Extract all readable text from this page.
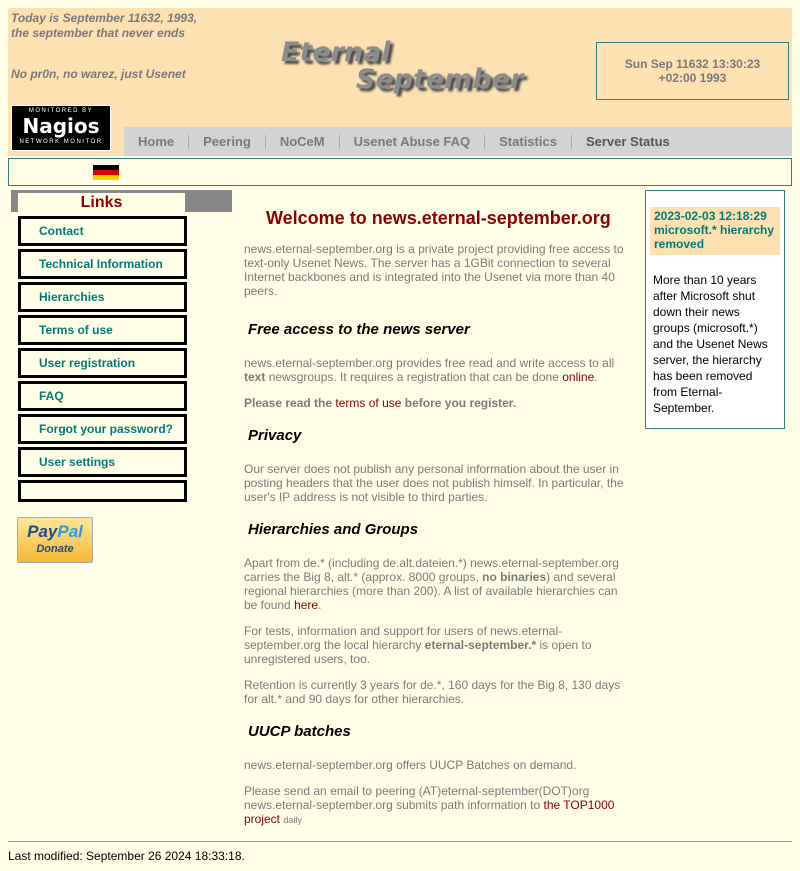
Today is September 11632, 1993, the september that never ends
No pr0n, no warez, just Usenet
Eternal
September	Sun Sep 11632 13:30:23 +02:00 1993
MONITORED BY
Nagios
NETWORK MONITOR	Home	Peering	NoCeM	Usenet Abuse FAQ	Statistics	Server Status
Links
Contact
Technical Information
Hierarchies
Terms of use
User registration
FAQ
Forgot your password?
User settings
PayPal
Donate
Welcome to news.eternal-september.org

news.eternal-september.org is a private project providing free access to text-only Usenet News. The server has a 1GBit connection to several Internet backbones and is integrated into the Usenet via more than 40 peers.

Free access to the news server

news.eternal-september.org provides free read and write access to all text newsgroups. It requires a registration that can be done online.

Please read the terms of use before you register.

Privacy

Our server does not publish any personal information about the user in posting headers that the user does not publish himself. In particular, the user's IP address is not visible to third parties.

Hierarchies and Groups

Apart from de.* (including de.alt.dateien.*) news.eternal-september.org carries the Big 8, alt.* (approx. 8000 groups, no binaries) and several regional hierarchies (more than 200). A list of available hierarchies can be found here.

For tests, information and support for users of news.eternal-september.org the local hierarchy eternal-september.* is open to unregistered users, too.

Retention is currently 3 years for de.*, 160 days for the Big 8, 130 days for alt.* and 90 days for other hierarchies.

UUCP batches

news.eternal-september.org offers UUCP Batches on demand.

Please send an email to peering (AT)eternal-september(DOT)org news.eternal-september.org submits path information to the TOP1000 project daily

2023-02-03 12:18:29 microsoft.* hierarchy removed
More than 10 years after Microsoft shut down their news groups (microsoft.*) and the Usenet News server, the hierarchy has been removed from Eternal-September.
Last modified: September 26 2024 18:33:18.
